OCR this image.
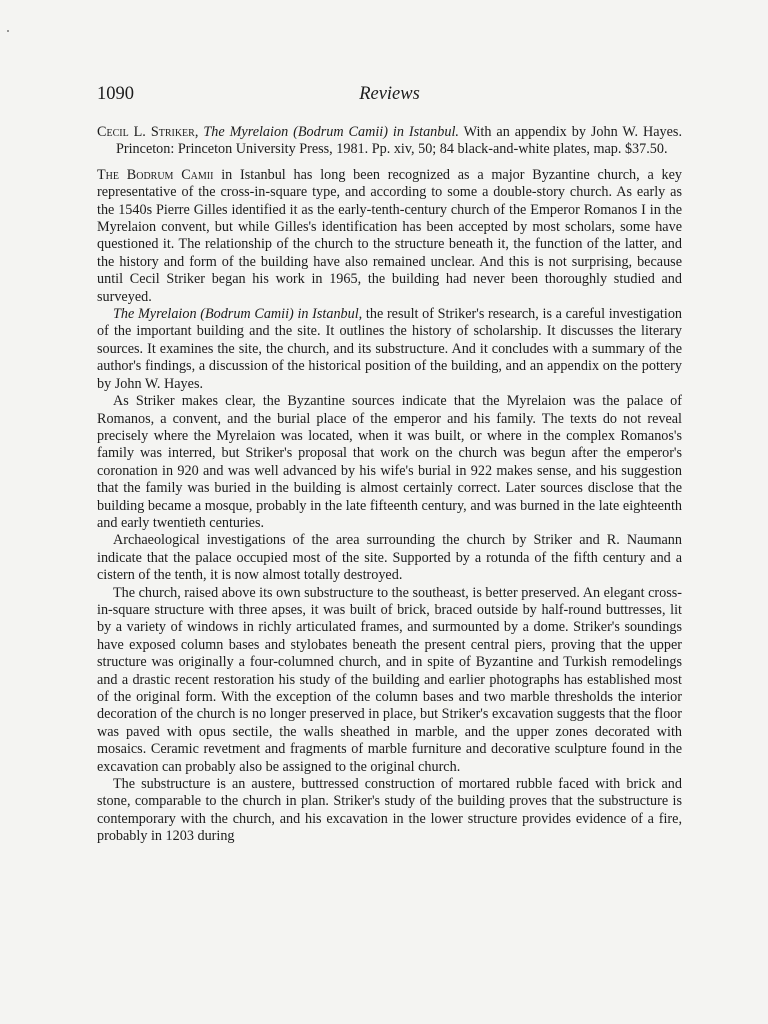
1090	Reviews
Cecil L. Striker, The Myrelaion (Bodrum Camii) in Istanbul. With an appendix by John W. Hayes. Princeton: Princeton University Press, 1981. Pp. xiv, 50; 84 black-and-white plates, map. $37.50.

The Bodrum Camii in Istanbul has long been recognized as a major Byzantine church, a key representative of the cross-in-square type, and according to some a double-story church. As early as the 1540s Pierre Gilles identified it as the early-tenth-century church of the Emperor Romanos I in the Myrelaion convent, but while Gilles's identification has been accepted by most scholars, some have questioned it. The relationship of the church to the structure beneath it, the function of the latter, and the history and form of the building have also remained unclear. And this is not surprising, because until Cecil Striker began his work in 1965, the building had never been thoroughly studied and surveyed.

The Myrelaion (Bodrum Camii) in Istanbul, the result of Striker's research, is a careful investigation of the important building and the site. It outlines the history of scholarship. It discusses the literary sources. It examines the site, the church, and its substructure. And it concludes with a summary of the author's findings, a discussion of the historical position of the building, and an appendix on the pottery by John W. Hayes.

As Striker makes clear, the Byzantine sources indicate that the Myrelaion was the palace of Romanos, a convent, and the burial place of the emperor and his family. The texts do not reveal precisely where the Myrelaion was located, when it was built, or where in the complex Romanos's family was interred, but Striker's proposal that work on the church was begun after the emperor's coronation in 920 and was well advanced by his wife's burial in 922 makes sense, and his suggestion that the family was buried in the building is almost certainly correct. Later sources disclose that the building became a mosque, probably in the late fifteenth century, and was burned in the late eighteenth and early twentieth centuries.

Archaeological investigations of the area surrounding the church by Striker and R. Naumann indicate that the palace occupied most of the site. Supported by a rotunda of the fifth century and a cistern of the tenth, it is now almost totally destroyed.

The church, raised above its own substructure to the southeast, is better preserved. An elegant cross-in-square structure with three apses, it was built of brick, braced outside by half-round buttresses, lit by a variety of windows in richly articulated frames, and surmounted by a dome. Striker's soundings have exposed column bases and stylobates beneath the present central piers, proving that the upper structure was originally a four-columned church, and in spite of Byzantine and Turkish remodelings and a drastic recent restoration his study of the building and earlier photographs has established most of the original form. With the exception of the column bases and two marble thresholds the interior decoration of the church is no longer preserved in place, but Striker's excavation suggests that the floor was paved with opus sectile, the walls sheathed in marble, and the upper zones decorated with mosaics. Ceramic revetment and fragments of marble furniture and decorative sculpture found in the excavation can probably also be assigned to the original church.

The substructure is an austere, buttressed construction of mortared rubble faced with brick and stone, comparable to the church in plan. Striker's study of the building proves that the substructure is contemporary with the church, and his excavation in the lower structure provides evidence of a fire, probably in 1203 during
